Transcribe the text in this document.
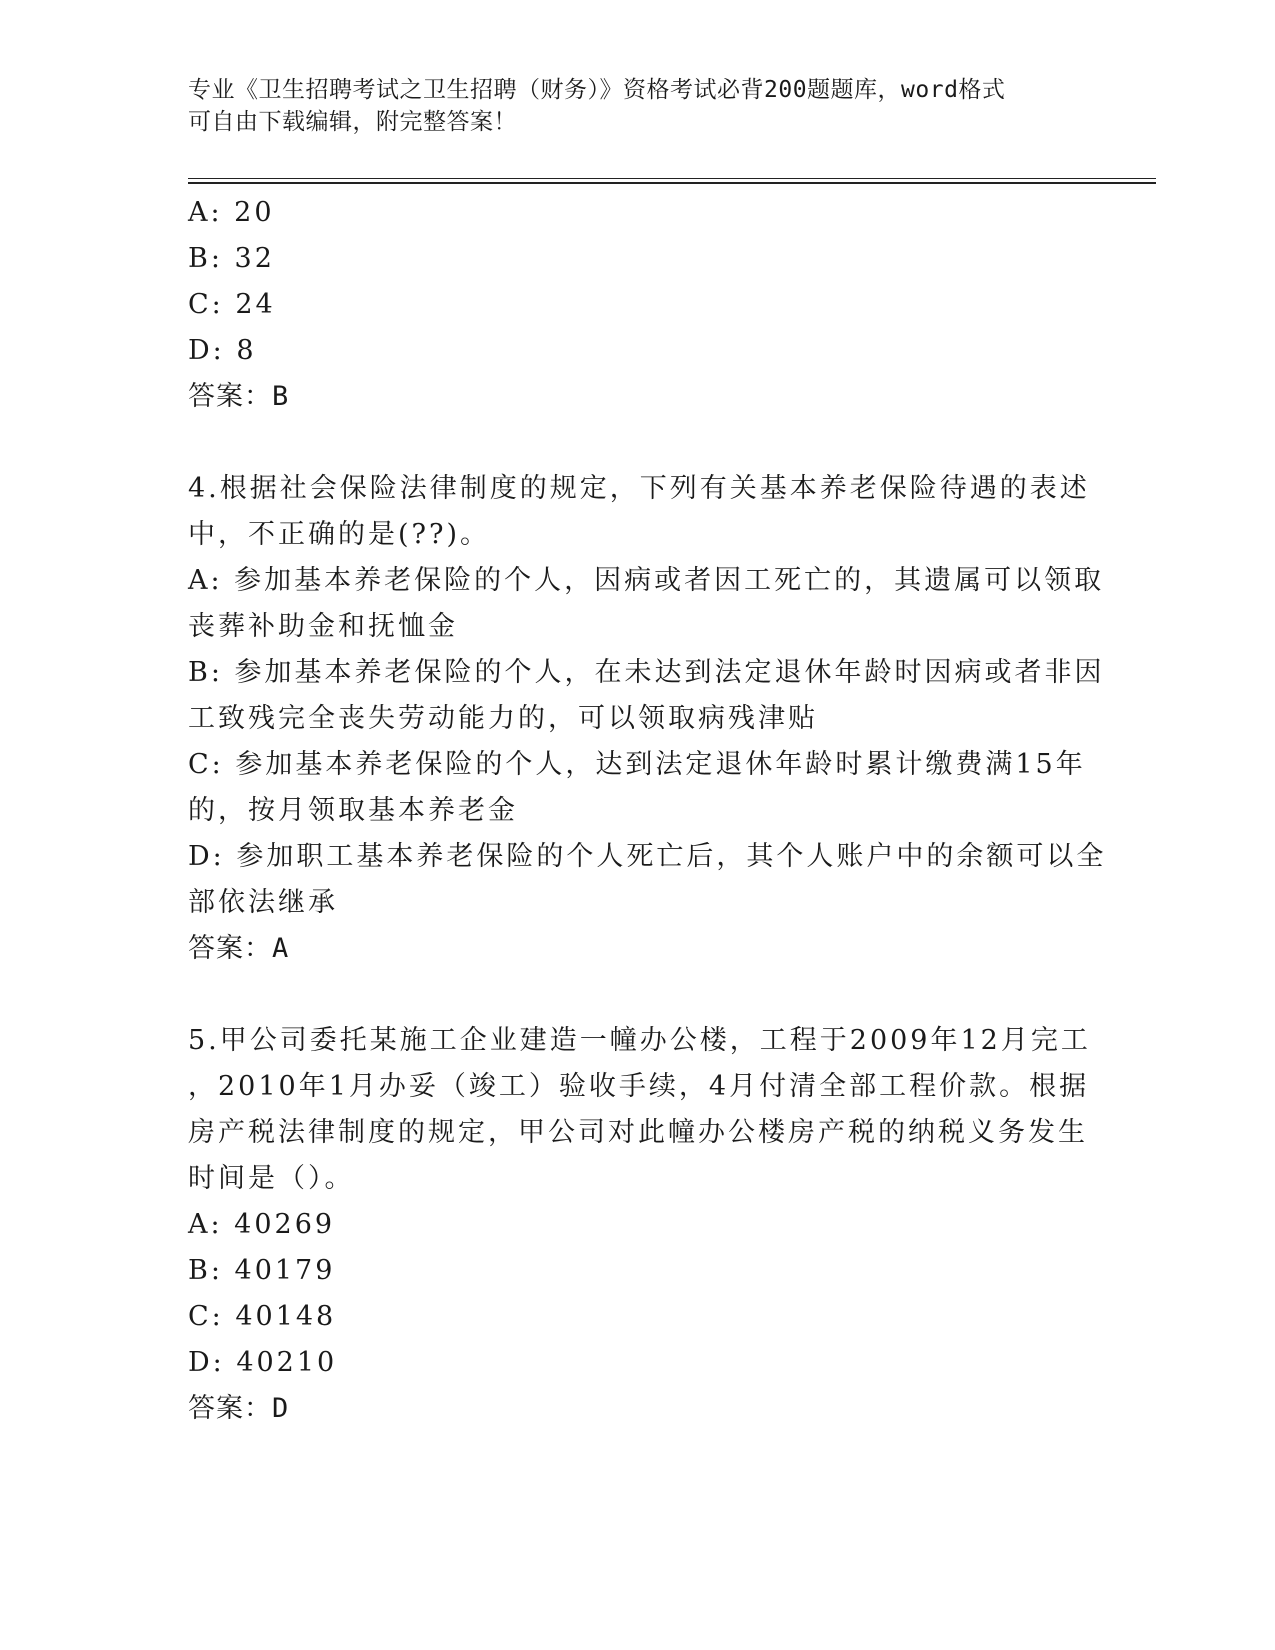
专业《卫生招聘考试之卫生招聘（财务）》资格考试必背200题题库，word格式
可自由下载编辑，附完整答案！
A: 20
B: 32
C: 24
D: 8
答案：B
4.根据社会保险法律制度的规定，下列有关基本养老保险待遇的表述
中，不正确的是(??)。
A: 参加基本养老保险的个人，因病或者因工死亡的，其遗属可以领取
丧葬补助金和抚恤金
B: 参加基本养老保险的个人，在未达到法定退休年龄时因病或者非因
工致残完全丧失劳动能力的，可以领取病残津贴
C: 参加基本养老保险的个人，达到法定退休年龄时累计缴费满15年
的，按月领取基本养老金
D: 参加职工基本养老保险的个人死亡后，其个人账户中的余额可以全
部依法继承
答案：A
5.甲公司委托某施工企业建造一幢办公楼，工程于2009年12月完工
，2010年1月办妥（竣工）验收手续，4月付清全部工程价款。根据
房产税法律制度的规定，甲公司对此幢办公楼房产税的纳税义务发生
时间是（）。
A: 40269
B: 40179
C: 40148
D: 40210
答案：D
